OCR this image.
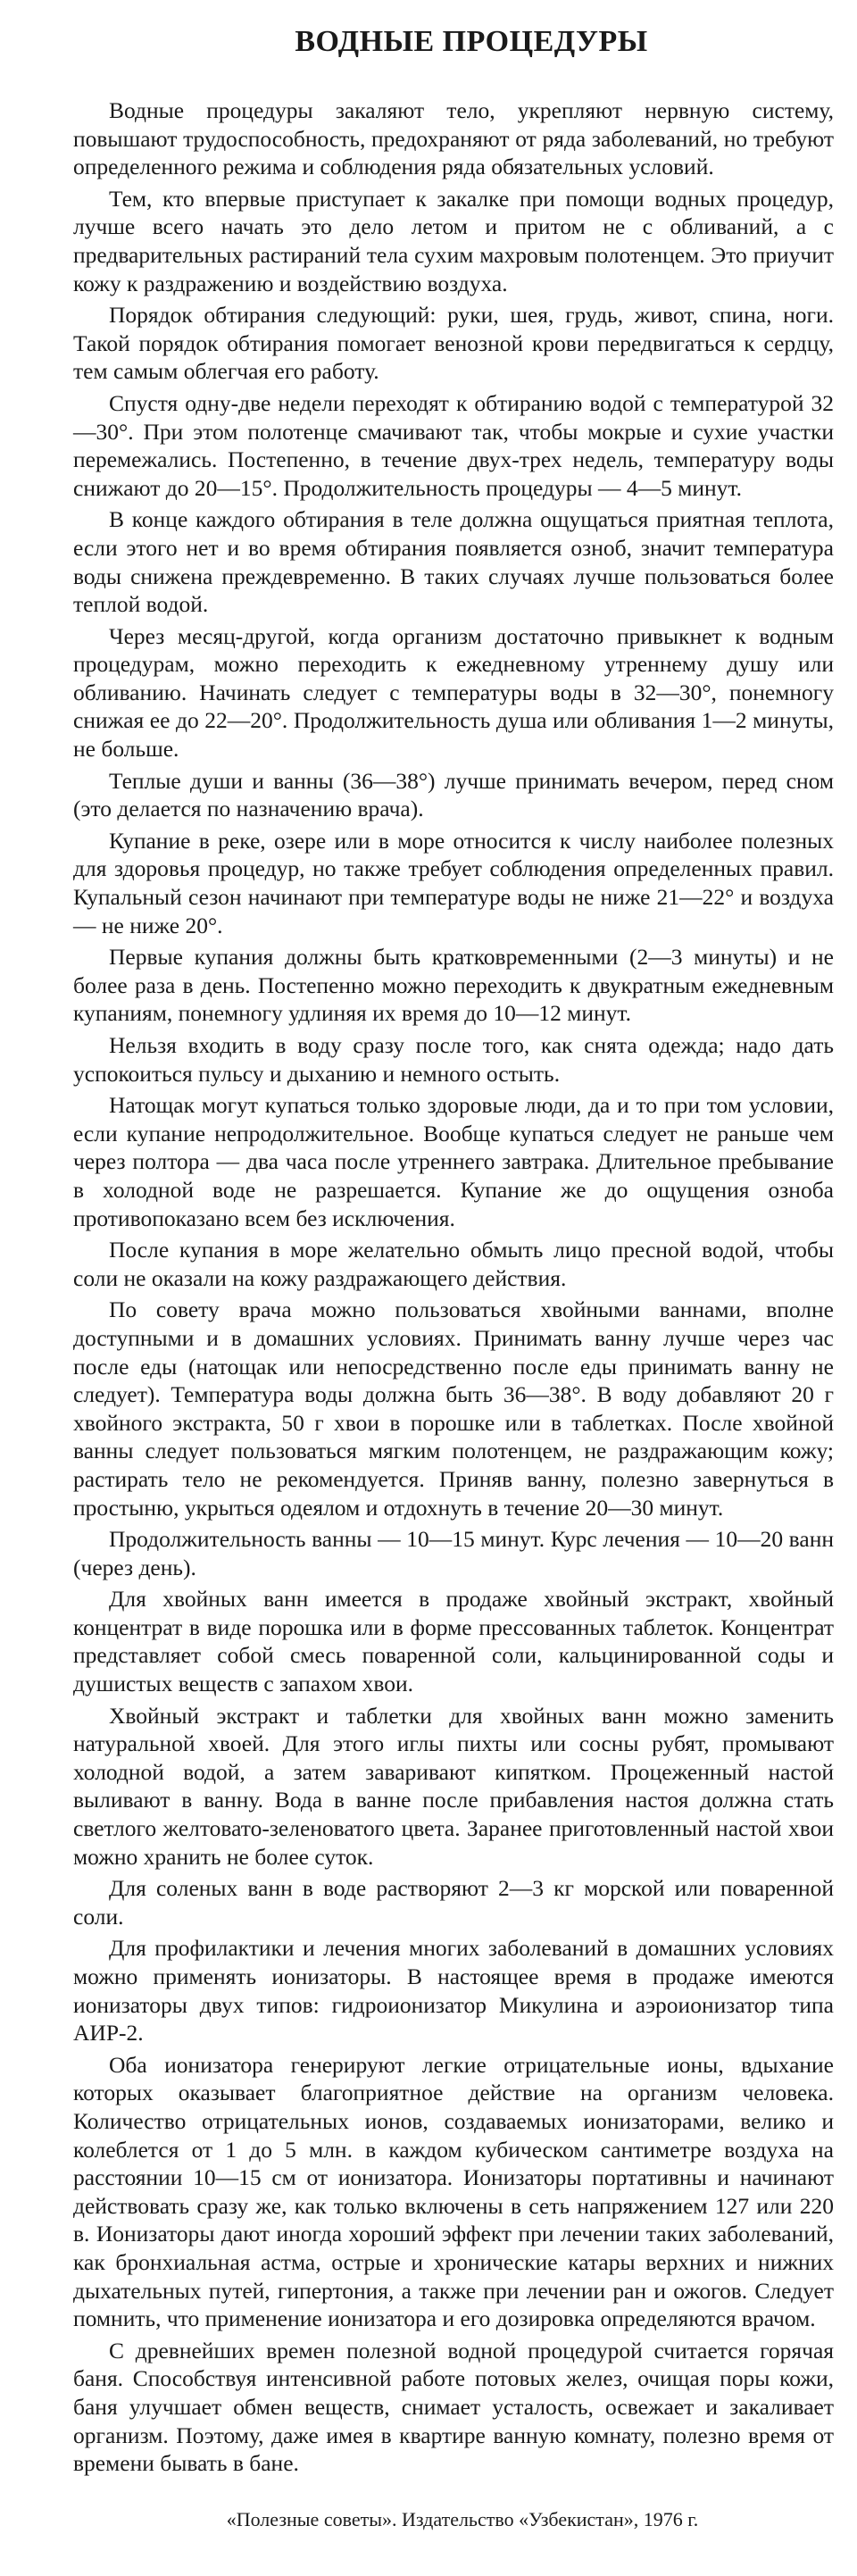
ВОДНЫЕ ПРОЦЕДУРЫ

Водные процедуры закаляют тело, укрепляют нервную систему, повышают трудоспособность, предохраняют от ряда заболеваний, но требуют определенного режима и соблюдения ряда обязательных условий.

Тем, кто впервые приступает к закалке при помощи водных процедур, лучше всего начать это дело летом и притом не с обливаний, а с предварительных растираний тела сухим махровым полотенцем. Это приучит кожу к раздражению и воздействию воздуха.

Порядок обтирания следующий: руки, шея, грудь, живот, спина, ноги. Такой порядок обтирания помогает венозной крови передвигаться к сердцу, тем самым облегчая его работу.

Спустя одну-две недели переходят к обтиранию водой с температурой 32—30°. При этом полотенце смачивают так, чтобы мокрые и сухие участки перемежались. Постепенно, в течение двух-трех недель, температуру воды снижают до 20—15°. Продолжительность процедуры — 4—5 минут.

В конце каждого обтирания в теле должна ощущаться приятная теплота, если этого нет и во время обтирания появляется озноб, значит температура воды снижена преждевременно. В таких случаях лучше пользоваться более теплой водой.

Через месяц-другой, когда организм достаточно привыкнет к водным процедурам, можно переходить к ежедневному утреннему душу или обливанию. Начинать следует с температуры воды в 32—30°, понемногу снижая ее до 22—20°. Продолжительность душа или обливания 1—2 минуты, не больше.

Теплые души и ванны (36—38°) лучше принимать вечером, перед сном (это делается по назначению врача).

Купание в реке, озере или в море относится к числу наиболее полезных для здоровья процедур, но также требует соблюдения определенных правил. Купальный сезон начинают при температуре воды не ниже 21—22° и воздуха — не ниже 20°.

Первые купания должны быть кратковременными (2—3 минуты) и не более раза в день. Постепенно можно переходить к двукратным ежедневным купаниям, понемногу удлиняя их время до 10—12 минут.

Нельзя входить в воду сразу после того, как снята одежда; надо дать успокоиться пульсу и дыханию и немного остыть.

Натощак могут купаться только здоровые люди, да и то при том условии, если купание непродолжительное. Вообще купаться следует не раньше чем через полтора — два часа после утреннего завтрака. Длительное пребывание в холодной воде не разрешается. Купание же до ощущения озноба противопоказано всем без исключения.

После купания в море желательно обмыть лицо пресной водой, чтобы соли не оказали на кожу раздражающего действия.

По совету врача можно пользоваться хвойными ваннами, вполне доступными и в домашних условиях. Принимать ванну лучше через час после еды (натощак или непосредственно после еды принимать ванну не следует). Температура воды должна быть 36—38°. В воду добавляют 20 г хвойного экстракта, 50 г хвои в порошке или в таблетках. После хвойной ванны следует пользоваться мягким полотенцем, не раздражающим кожу; растирать тело не рекомендуется. Приняв ванну, полезно завернуться в простыню, укрыться одеялом и отдохнуть в течение 20—30 минут.

Продолжительность ванны — 10—15 минут. Курс лечения — 10—20 ванн (через день).

Для хвойных ванн имеется в продаже хвойный экстракт, хвойный концентрат в виде порошка или в форме прессованных таблеток. Концентрат представляет собой смесь поваренной соли, кальцинированной соды и душистых веществ с запахом хвои.

Хвойный экстракт и таблетки для хвойных ванн можно заменить натуральной хвоей. Для этого иглы пихты или сосны рубят, промывают холодной водой, а затем заваривают кипятком. Процеженный настой выливают в ванну. Вода в ванне после прибавления настоя должна стать светлого желтовато-зеленоватого цвета. Заранее приготовленный настой хвои можно хранить не более суток.

Для соленых ванн в воде растворяют 2—3 кг морской или поваренной соли.

Для профилактики и лечения многих заболеваний в домашних условиях можно применять ионизаторы. В настоящее время в продаже имеются ионизаторы двух типов: гидроионизатор Микулина и аэроионизатор типа АИР-2.

Оба ионизатора генерируют легкие отрицательные ионы, вдыхание которых оказывает благоприятное действие на организм человека. Количество отрицательных ионов, создаваемых ионизаторами, велико и колеблется от 1 до 5 млн. в каждом кубическом сантиметре воздуха на расстоянии 10—15 см от ионизатора. Ионизаторы портативны и начинают действовать сразу же, как только включены в сеть напряжением 127 или 220 в. Ионизаторы дают иногда хороший эффект при лечении таких заболеваний, как бронхиальная астма, острые и хронические катары верхних и нижних дыхательных путей, гипертония, а также при лечении ран и ожогов. Следует помнить, что применение ионизатора и его дозировка определяются врачом.

С древнейших времен полезной водной процедурой считается горячая баня. Способствуя интенсивной работе потовых желез, очищая поры кожи, баня улучшает обмен веществ, снимает усталость, освежает и закаливает организм. Поэтому, даже имея в квартире ванную комнату, полезно время от времени бывать в бане.

«Полезные советы». Издательство «Узбекистан», 1976 г.
